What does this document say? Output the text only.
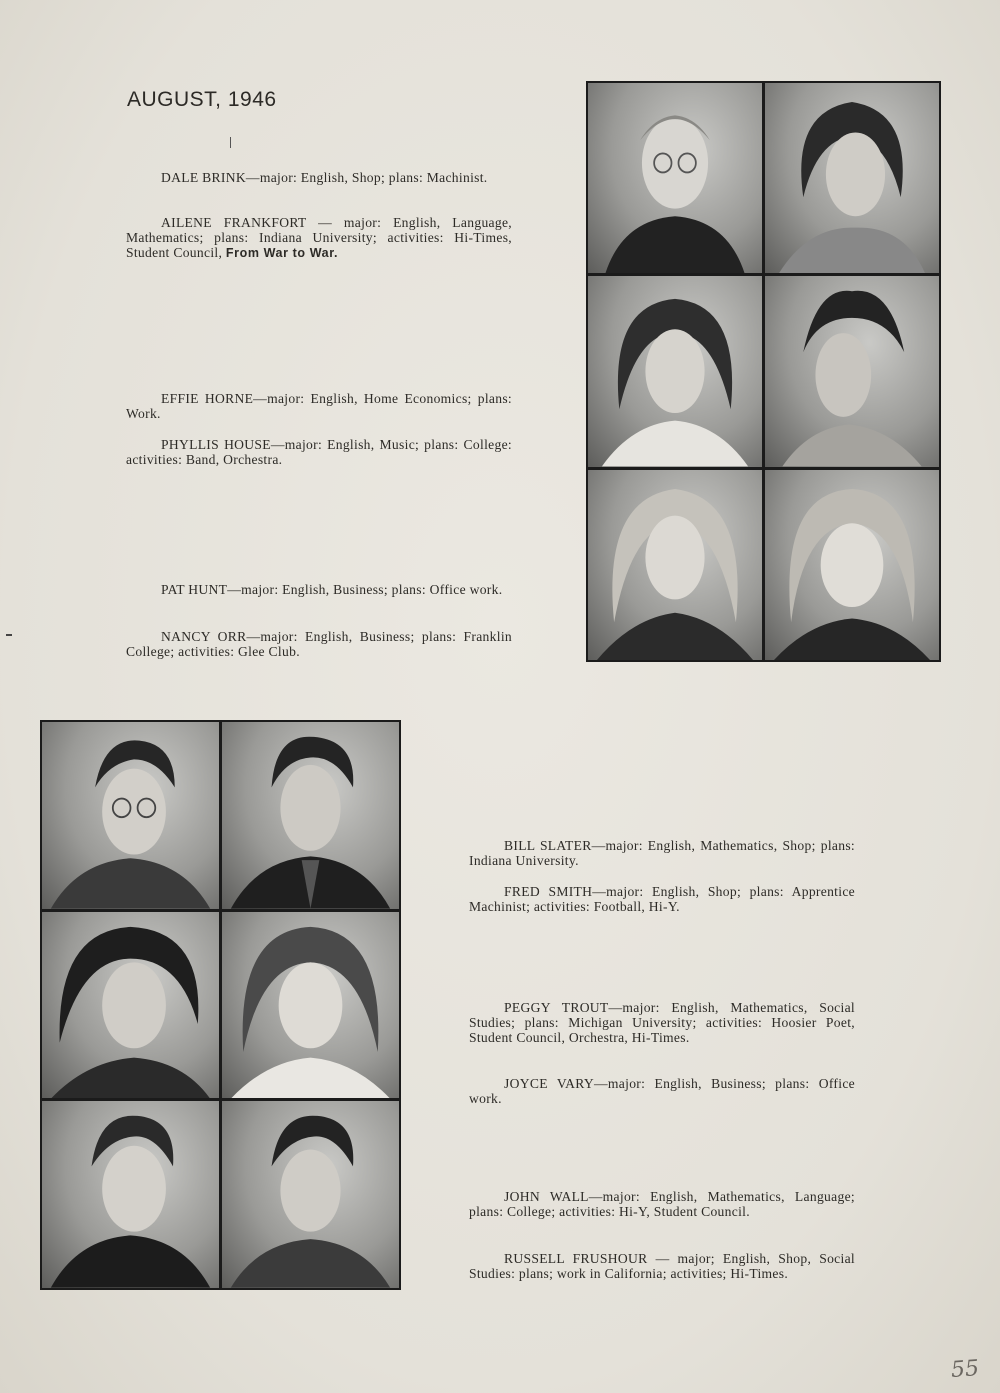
AUGUST, 1946
DALE BRINK—major: English, Shop; plans: Machinist.
AILENE FRANKFORT — major: English, Language, Mathematics; plans: Indiana University; activities: Hi-Times, Student Council, From War to War.
EFFIE HORNE—major: English, Home Economics; plans: Work.
PHYLLIS HOUSE—major: English, Music; plans: College: activities: Band, Orchestra.
PAT HUNT—major: English, Business; plans: Office work.
NANCY ORR—major: English, Business; plans: Franklin College; activities: Glee Club.
BILL SLATER—major: English, Mathematics, Shop; plans: Indiana University.
FRED SMITH—major: English, Shop; plans: Apprentice Machinist; activities: Football, Hi-Y.
PEGGY TROUT—major: English, Mathematics, Social Studies; plans: Michigan University; activities: Hoosier Poet, Student Council, Orchestra, Hi-Times.
JOYCE VARY—major: English, Business; plans: Office work.
JOHN WALL—major: English, Mathematics, Language; plans: College; activities: Hi-Y, Student Council.
RUSSELL FRUSHOUR — major; English, Shop, Social Studies: plans; work in California; activities; Hi-Times.
55
